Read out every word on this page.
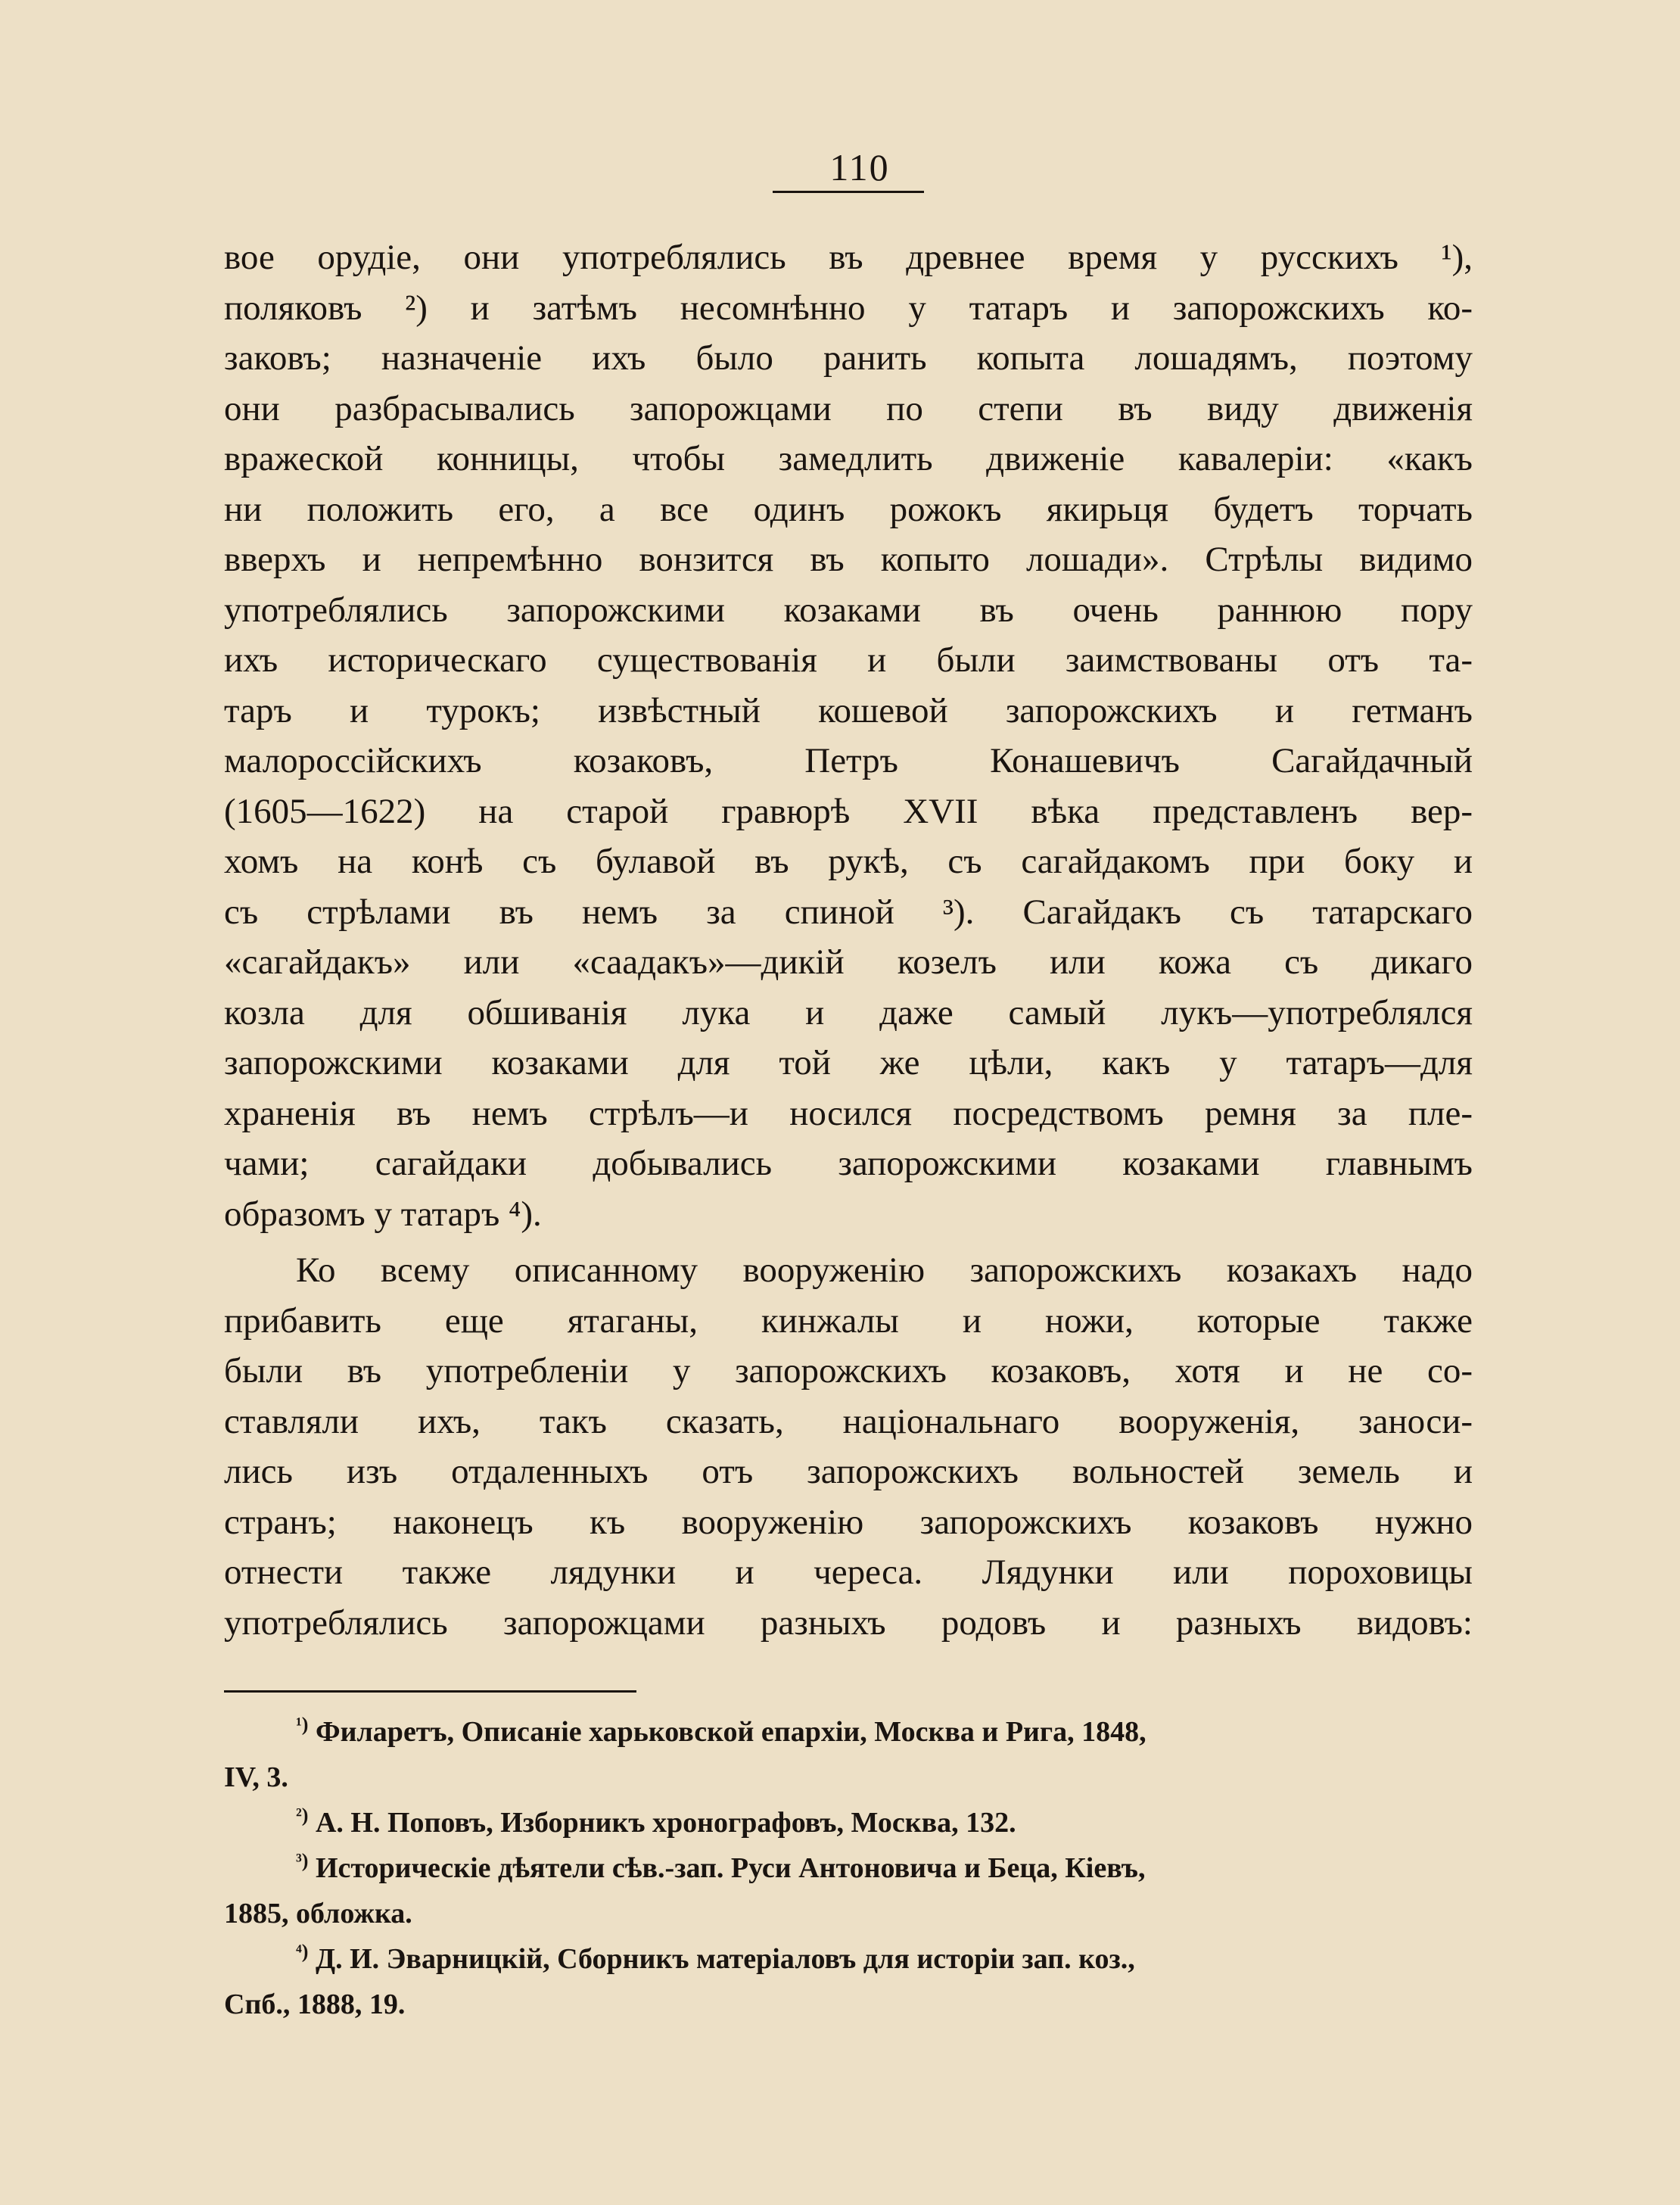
110

вое орудіе, они употреблялись въ древнее время у русскихъ ¹),
поляковъ ²) и затѣмъ несомнѣнно у татаръ и запорожскихъ ко-
заковъ; назначеніе ихъ было ранить копыта лошадямъ, поэтому
они разбрасывались запорожцами по степи въ виду движенія
вражеской конницы, чтобы замедлить движеніе кавалеріи: «какъ
ни положить его, а все одинъ рожокъ якирьця будетъ торчать
вверхъ и непремѣнно вонзится въ копыто лошади». Стрѣлы видимо
употреблялись запорожскими козаками въ очень раннюю пору
ихъ историческаго существованія и были заимствованы отъ та-
таръ и турокъ; извѣстный кошевой запорожскихъ и гетманъ
малороссійскихъ козаковъ, Петръ Конашевичъ Сагайдачный
(1605—1622) на старой гравюрѣ XVII вѣка представленъ вер-
хомъ на конѣ съ булавой въ рукѣ, съ сагайдакомъ при боку и
съ стрѣлами въ немъ за спиной ³). Сагайдакъ съ татарскаго
«сагайдакъ» или «саадакъ»—дикій козелъ или кожа съ дикаго
козла для обшиванія лука и даже самый лукъ—употреблялся
запорожскими козаками для той же цѣли, какъ у татаръ—для
храненія въ немъ стрѣлъ—и носился посредствомъ ремня за пле-
чами; сагайдаки добывались запорожскими козаками главнымъ
образомъ у татаръ ⁴).

Ко всему описанному вооруженію запорожскихъ козакахъ надо
прибавить еще ятаганы, кинжалы и ножи, которые также
были въ употребленіи у запорожскихъ козаковъ, хотя и не со-
ставляли ихъ, такъ сказать, національнаго вооруженія, заноси-
лись изъ отдаленныхъ отъ запорожскихъ вольностей земель и
странъ; наконецъ къ вооруженію запорожскихъ козаковъ нужно
отнести также лядунки и череса. Лядунки или пороховицы
употреблялись запорожцами разныхъ родовъ и разныхъ видовъ:

$^{^1)}$ Филаретъ, Описаніе харьковской епархіи, Москва и Рига, 1848,
IV, 3.
$^{^2)}$ А. Н. Поповъ, Изборникъ хронографовъ, Москва, 132.
$^{^3)}$ Историческіе дѣятели сѣв.-зап. Руси Антоновича и Беца, Кіевъ,
1885, обложка.
$^{^4)}$ Д. И. Эварницкій, Сборникъ матеріаловъ для исторіи зап. коз.,
Спб., 1888, 19.
